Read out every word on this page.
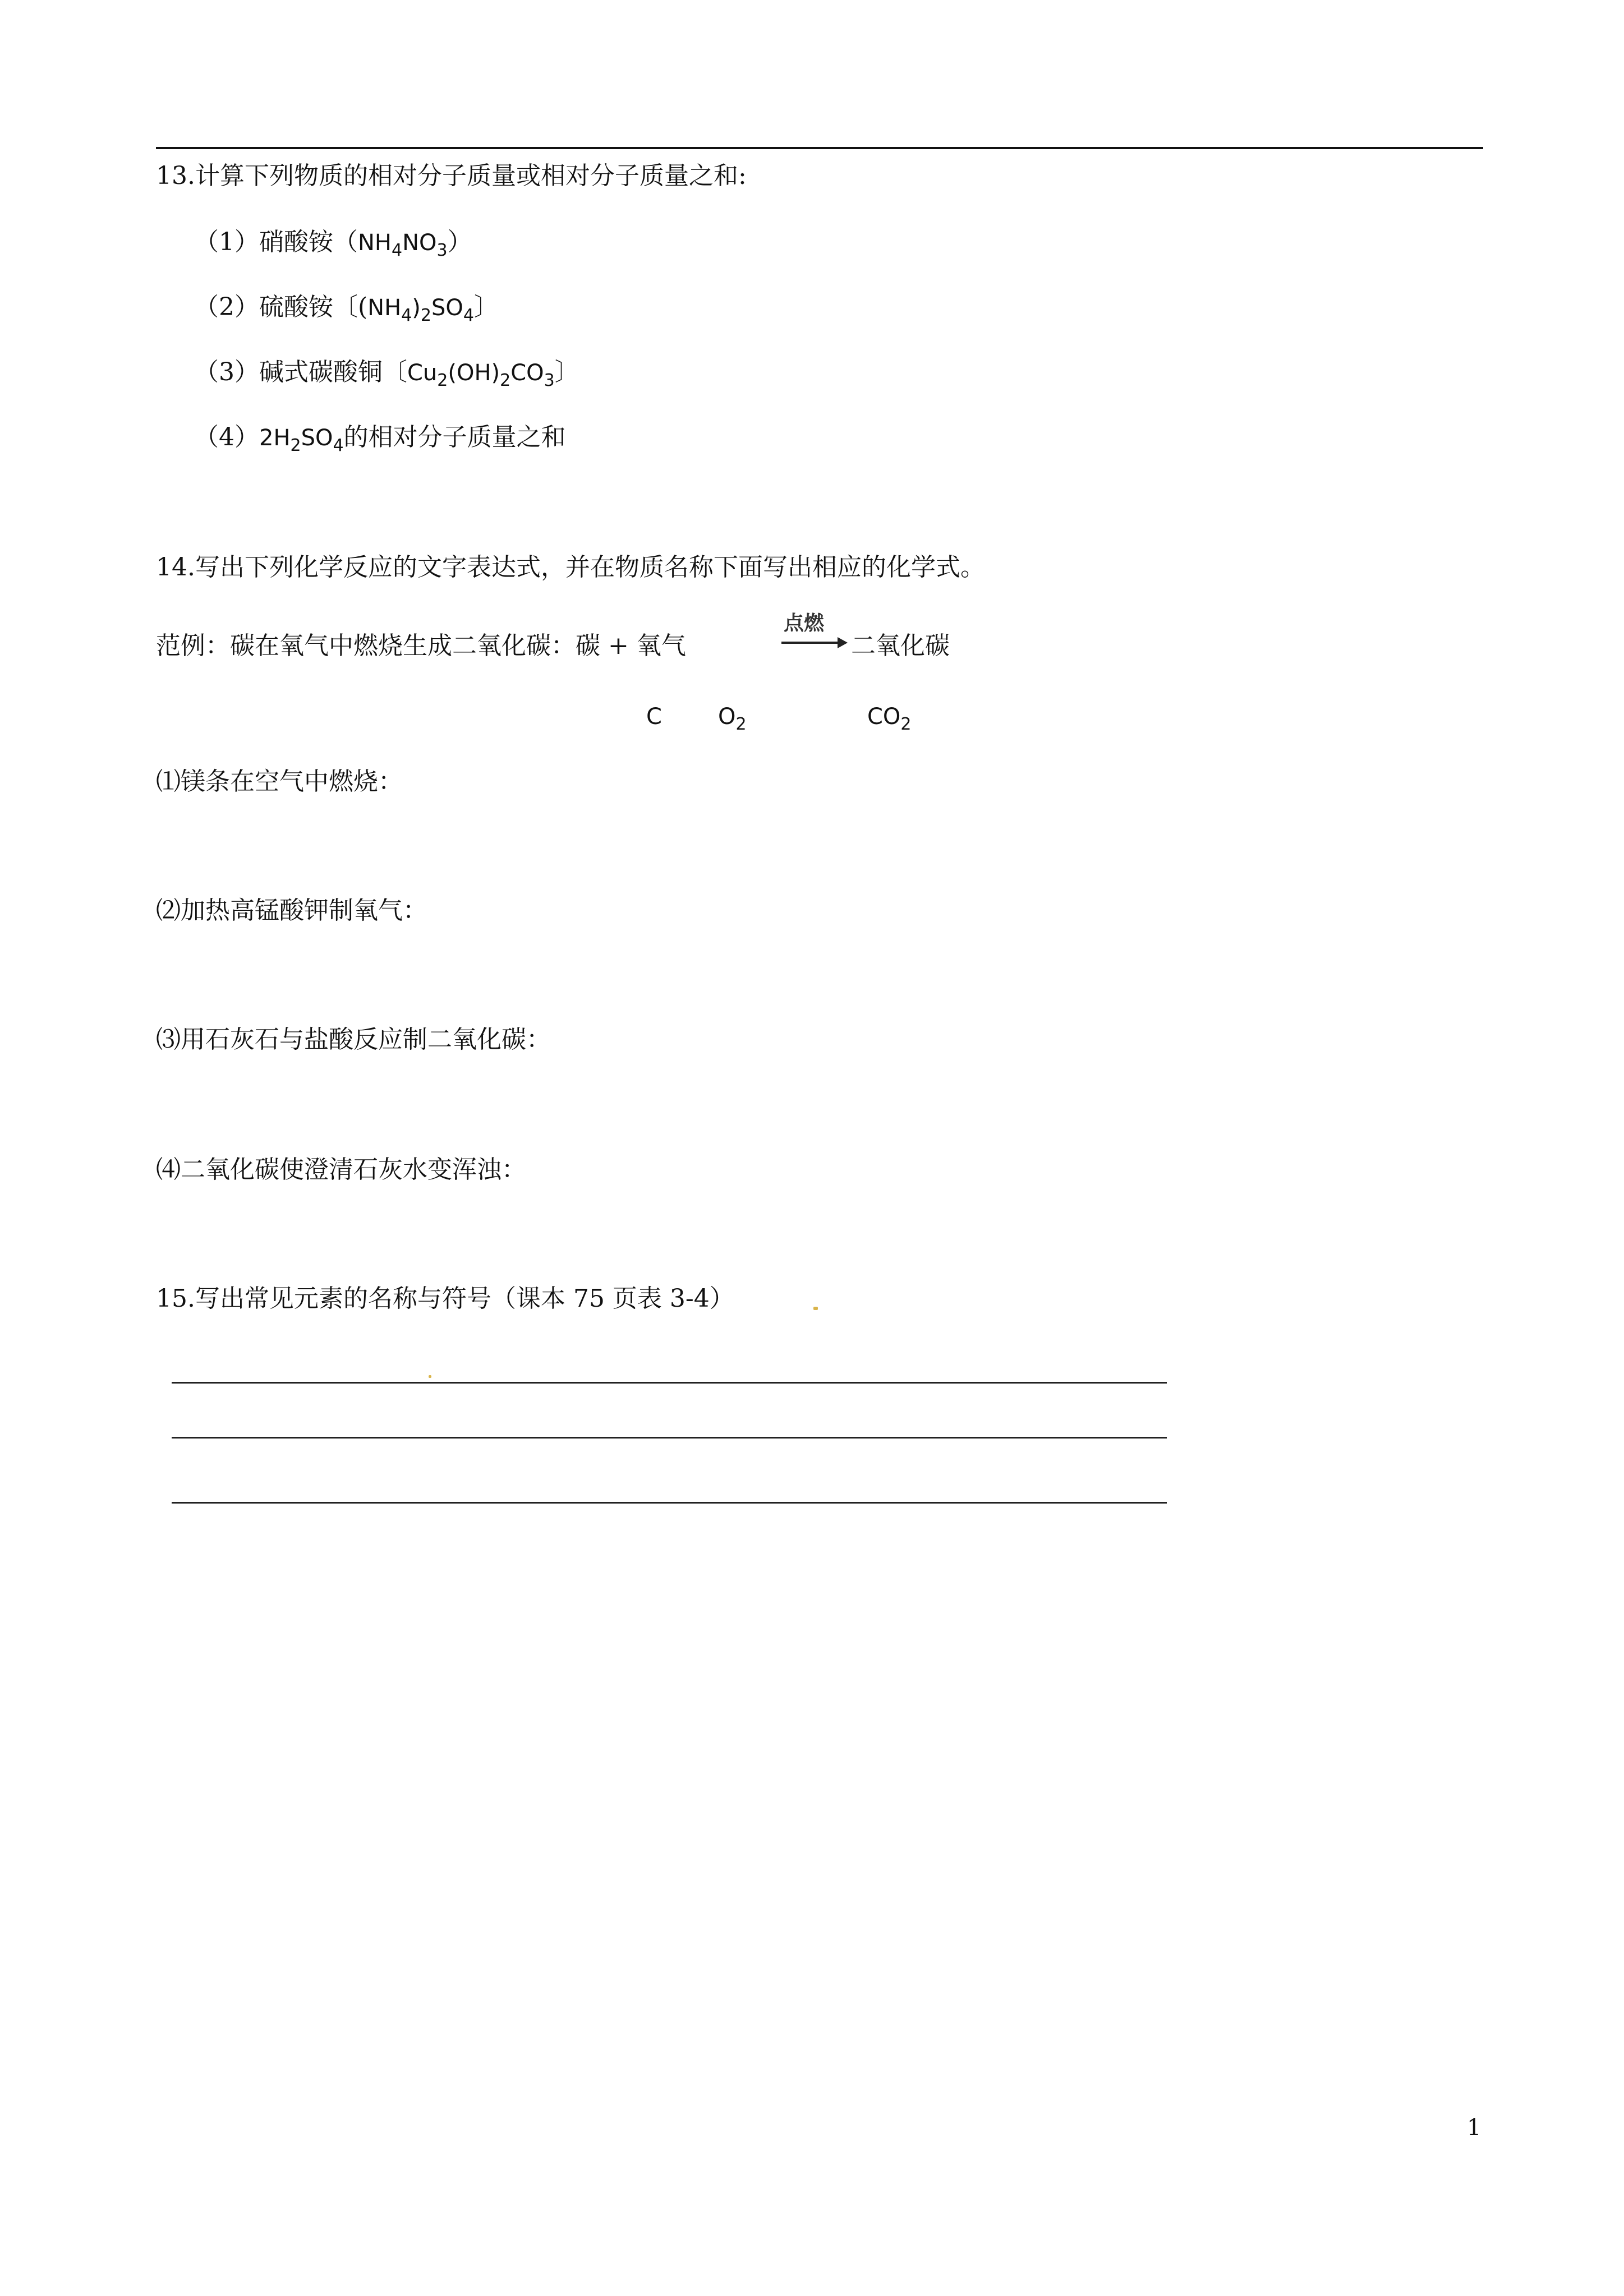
13.计算下列物质的相对分子质量或相对分子质量之和:
（1）硝酸铵$(NH_4NO_3)$
（2）硫酸铵〔$(NH_4)_2SO_4$〕
（3）碱式碳酸铜〔$Cu_2(OH)_2CO_3$〕
$(4)2H_2SO_4$的相对分子质量之和
14.写出下列化学反应的文字表达式，并在物质名称下面写出相应的化学式。
范例：碳在氧气中燃烧生成二氧化碳：碳 + 氧气
点燃
二氧化碳
C	$O_2$	$CO_2$
⑴镁条在空气中燃烧：
⑵加热高锰酸钾制氧气：
⑶用石灰石与盐酸反应制二氧化碳：
⑷二氧化碳使澄清石灰水变浑浊：
15.写出常见元素的名称与符号（课本 75 页表 3-4）
1
